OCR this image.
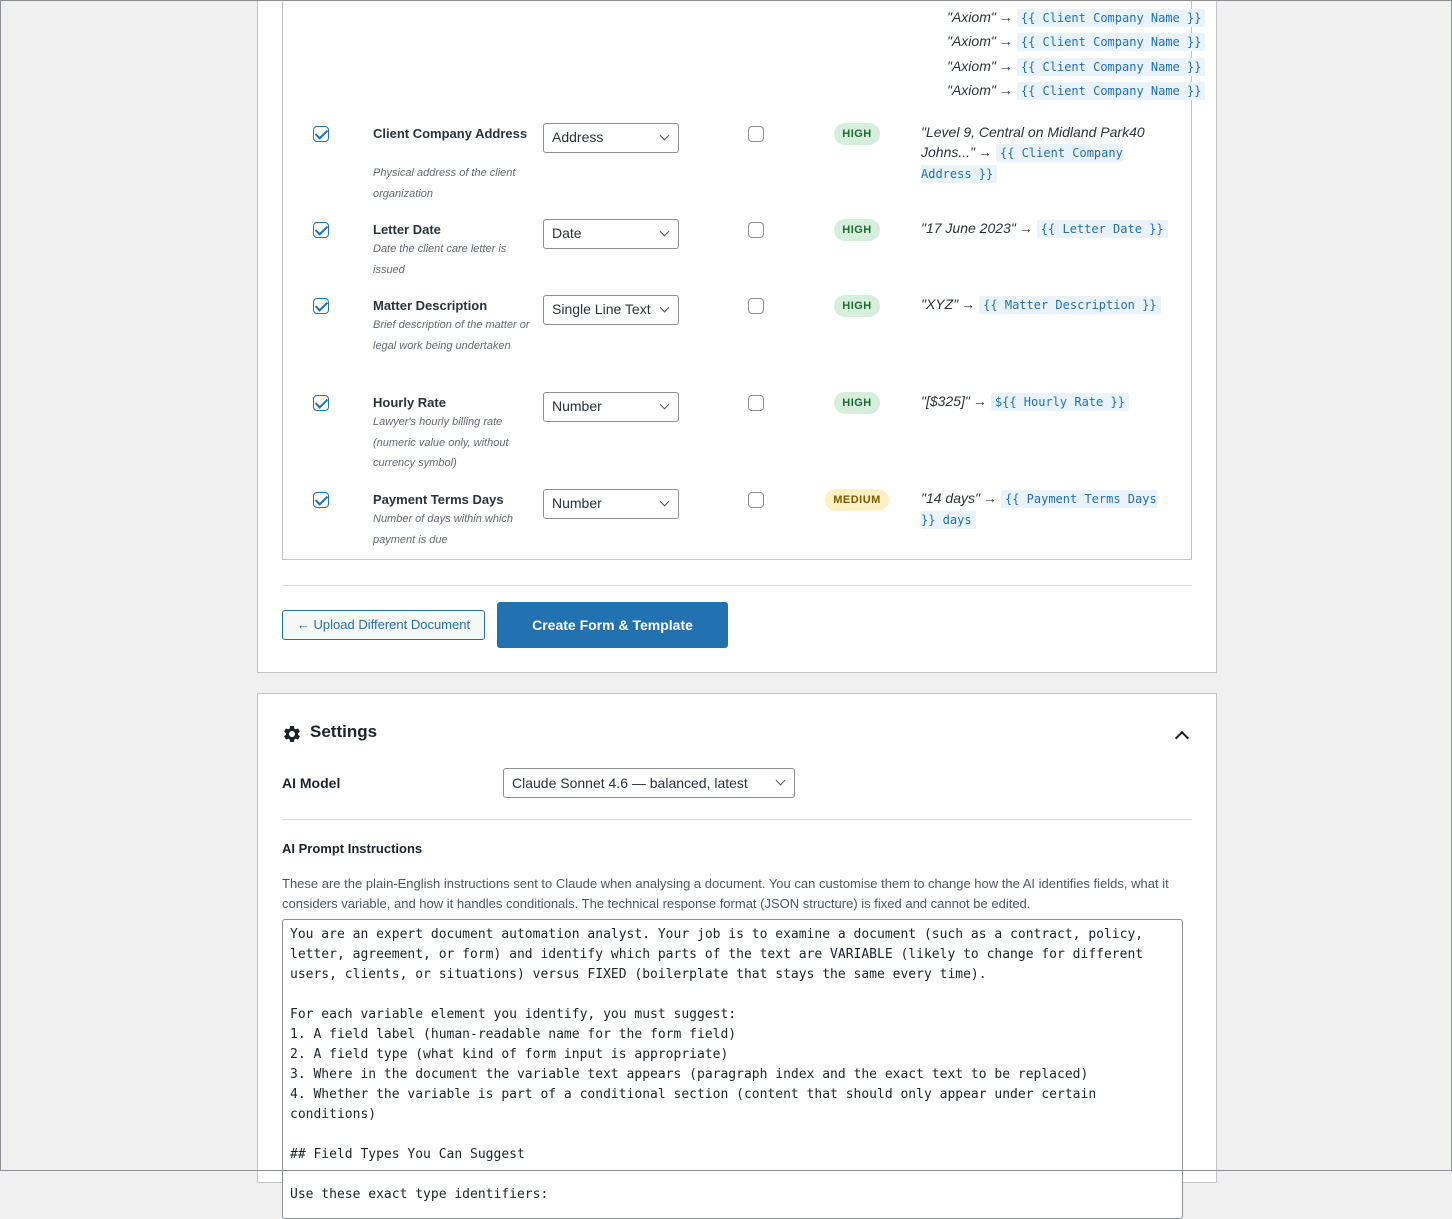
"Axiom" → {{ Client Company Name }}
"Axiom" → {{ Client Company Name }}
"Axiom" → {{ Client Company Name }}
"Axiom" → {{ Client Company Name }}
Client Company Address
Physical address of the client organization
Address	HIGH	"Level 9, Central on Midland Park40 Johns..." → {{ Client Company Address }}
Letter Date
Date the client care letter is issued
Date	HIGH	"17 June 2023" → {{ Letter Date }}
Matter Description
Brief description of the matter or legal work being undertaken
Single Line Text	HIGH	"XYZ" → {{ Matter Description }}
Hourly Rate
Lawyer's hourly billing rate (numeric value only, without currency symbol)
Number	HIGH	"[$325]" → ${{ Hourly Rate }}
Payment Terms Days
Number of days within which payment is due
Number	MEDIUM	"14 days" → {{ Payment Terms Days }} days
← Upload Different Document	Create Form & Template
Settings
AI Model	Claude Sonnet 4.6 — balanced, latest
AI Prompt Instructions
These are the plain-English instructions sent to Claude when analysing a document. You can customise them to change how the AI identifies fields, what it considers variable, and how it handles conditionals. The technical response format (JSON structure) is fixed and cannot be edited.
You are an expert document automation analyst. Your job is to examine a document (such as a contract, policy, letter, agreement, or form) and identify which parts of the text are VARIABLE (likely to change for different users, clients, or situations) versus FIXED (boilerplate that stays the same every time).

For each variable element you identify, you must suggest:
1. A field label (human-readable name for the form field)
2. A field type (what kind of form input is appropriate)
3. Where in the document the variable text appears (paragraph index and the exact text to be replaced)
4. Whether the variable is part of a conditional section (content that should only appear under certain conditions)

## Field Types You Can Suggest

Use these exact type identifiers:
